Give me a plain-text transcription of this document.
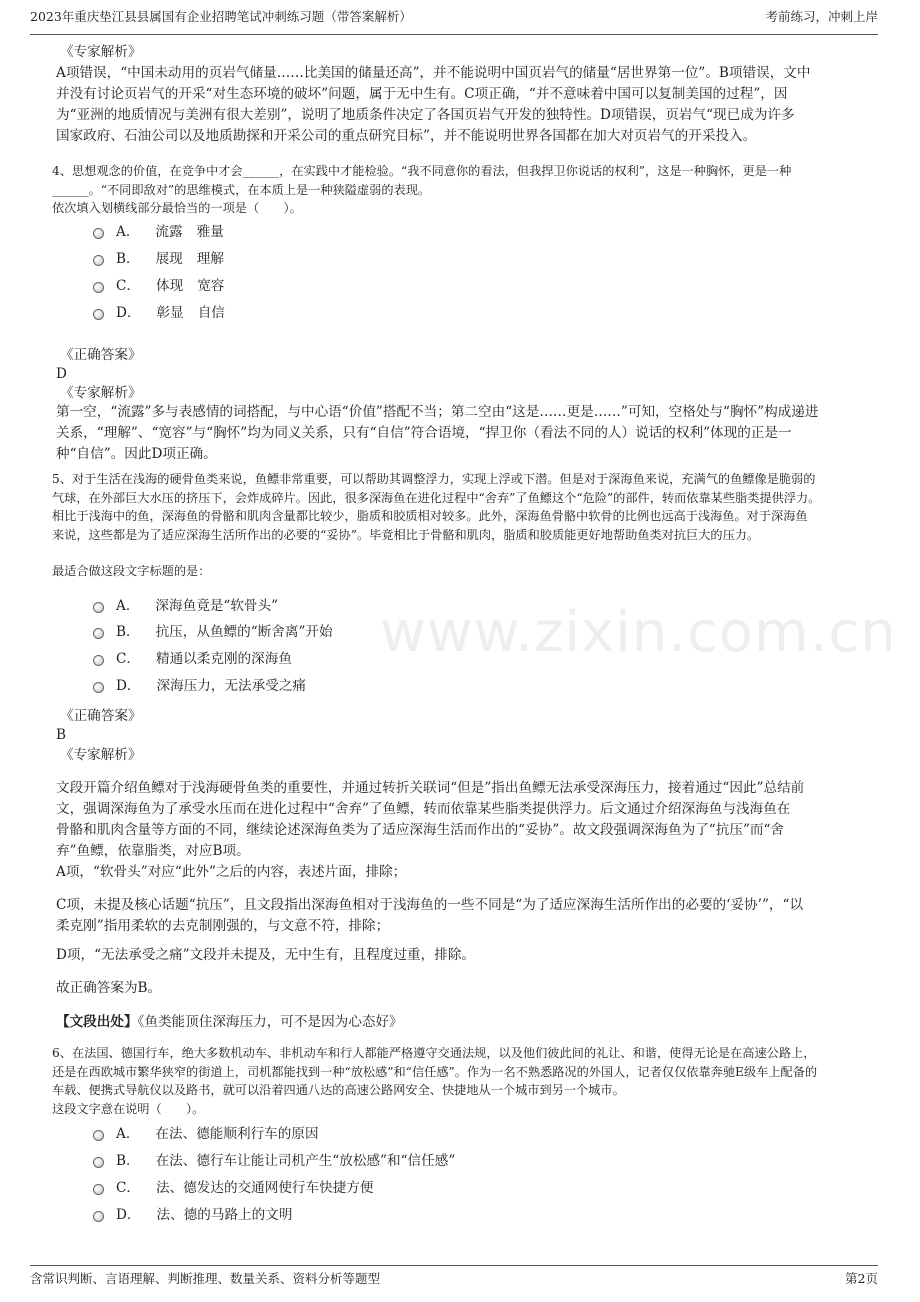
2023年重庆垫江县县属国有企业招聘笔试冲刺练习题（带答案解析）	考前练习，冲刺上岸
www.zixin.com.cn
《专家解析》
A项错误，“中国未动用的页岩气储量……比美国的储量还高”，并不能说明中国页岩气的储量“居世界第一位”。B项错误，文中
并没有讨论页岩气的开采“对生态环境的破坏”问题，属于无中生有。C项正确，“并不意味着中国可以复制美国的过程”，因
为“亚洲的地质情况与美洲有很大差别”，说明了地质条件决定了各国页岩气开发的独特性。D项错误，页岩气“现已成为许多
国家政府、石油公司以及地质勘探和开采公司的重点研究目标”，并不能说明世界各国都在加大对页岩气的开采投入。
4、思想观念的价值，在竞争中才会______，在实践中才能检验。“我不同意你的看法，但我捍卫你说话的权利”，这是一种胸怀，更是一种
______。“不同即敌对”的思维模式，在本质上是一种狭隘虚弱的表现。
依次填入划横线部分最恰当的一项是（　　）。
A． 流露 雅量
B． 展现 理解
C． 体现 宽容
D． 彰显 自信
《正确答案》
D
《专家解析》
第一空，“流露”多与表感情的词搭配，与中心语“价值”搭配不当；第二空由“这是……更是……”可知，空格处与“胸怀”构成递进
关系，“理解”、“宽容”与“胸怀”均为同义关系，只有“自信”符合语境，“捍卫你（看法不同的人）说话的权利”体现的正是一
种“自信”。因此D项正确。
5、对于生活在浅海的硬骨鱼类来说，鱼鳔非常重要，可以帮助其调整浮力，实现上浮或下潜。但是对于深海鱼来说，充满气的鱼鳔像是脆弱的
气球，在外部巨大水压的挤压下，会炸成碎片。因此，很多深海鱼在进化过程中“舍弃”了鱼鳔这个“危险”的部件，转而依靠某些脂类提供浮力。
相比于浅海中的鱼，深海鱼的骨骼和肌肉含量都比较少，脂质和胶质相对较多。此外，深海鱼骨骼中软骨的比例也远高于浅海鱼。对于深海鱼
来说，这些都是为了适应深海生活所作出的必要的“妥协”。毕竟相比于骨骼和肌肉，脂质和胶质能更好地帮助鱼类对抗巨大的压力。
最适合做这段文字标题的是：
A． 深海鱼竟是“软骨头”
B． 抗压，从鱼鳔的“断舍离”开始
C． 精通以柔克刚的深海鱼
D． 深海压力，无法承受之痛
《正确答案》
B
《专家解析》
文段开篇介绍鱼鳔对于浅海硬骨鱼类的重要性，并通过转折关联词“但是”指出鱼鳔无法承受深海压力，接着通过“因此”总结前
文，强调深海鱼为了承受水压而在进化过程中“舍弃”了鱼鳔，转而依靠某些脂类提供浮力。后文通过介绍深海鱼与浅海鱼在
骨骼和肌肉含量等方面的不同，继续论述深海鱼类为了适应深海生活而作出的“妥协”。故文段强调深海鱼为了“抗压”而“舍
弃”鱼鳔，依靠脂类，对应B项。
A项，“软骨头”对应“此外”之后的内容，表述片面，排除；
C项，未提及核心话题“抗压”，且文段指出深海鱼相对于浅海鱼的一些不同是“为了适应深海生活所作出的必要的‘妥协’”，“以
柔克刚”指用柔软的去克制刚强的，与文意不符，排除；
D项，“无法承受之痛”文段并未提及，无中生有，且程度过重，排除。
故正确答案为B。
【文段出处】《鱼类能顶住深海压力，可不是因为心态好》
6、在法国、德国行车，绝大多数机动车、非机动车和行人都能严格遵守交通法规，以及他们彼此间的礼让、和谐，使得无论是在高速公路上，
还是在西欧城市繁华狭窄的街道上，司机都能找到一种“放松感”和“信任感”。作为一名不熟悉路况的外国人，记者仅仅依靠奔驰E级车上配备的
车载、便携式导航仪以及路书，就可以沿着四通八达的高速公路网安全、快捷地从一个城市到另一个城市。
这段文字意在说明（　　）。
A． 在法、德能顺利行车的原因
B． 在法、德行车让能让司机产生“放松感”和“信任感”
C． 法、德发达的交通网使行车快捷方便
D． 法、德的马路上的文明
含常识判断、言语理解、判断推理、数量关系、资料分析等题型	第2页
